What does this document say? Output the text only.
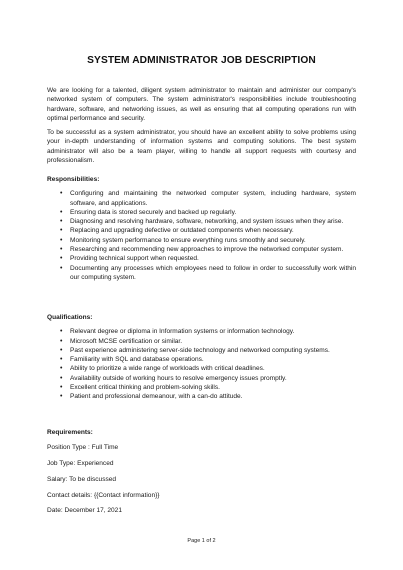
SYSTEM ADMINISTRATOR JOB DESCRIPTION

We are looking for a talented, diligent system administrator to maintain and administer our company's networked system of computers. The system administrator's responsibilities include troubleshooting hardware, software, and networking issues, as well as ensuring that all computing operations run with optimal performance and security.

To be successful as a system administrator, you should have an excellent ability to solve problems using your in-depth understanding of information systems and computing solutions. The best system administrator will also be a team player, willing to handle all support requests with courtesy and professionalism.

Responsibilities:

• Configuring and maintaining the networked computer system, including hardware, system software, and applications.
• Ensuring data is stored securely and backed up regularly.
• Diagnosing and resolving hardware, software, networking, and system issues when they arise.
• Replacing and upgrading defective or outdated components when necessary.
• Monitoring system performance to ensure everything runs smoothly and securely.
• Researching and recommending new approaches to improve the networked computer system.
• Providing technical support when requested.
• Documenting any processes which employees need to follow in order to successfully work within our computing system.

Qualifications:

• Relevant degree or diploma in Information systems or information technology.
• Microsoft MCSE certification or similar.
• Past experience administering server-side technology and networked computing systems.
• Familiarity with SQL and database operations.
• Ability to prioritize a wide range of workloads with critical deadlines.
• Availability outside of working hours to resolve emergency issues promptly.
• Excellent critical thinking and problem-solving skills.
• Patient and professional demeanour, with a can-do attitude.

Requirements:

Position Type : Full Time

Job Type: Experienced

Salary: To be discussed

Contact details: {{Contact information}}

Date: December 17, 2021

Page 1 of 2
